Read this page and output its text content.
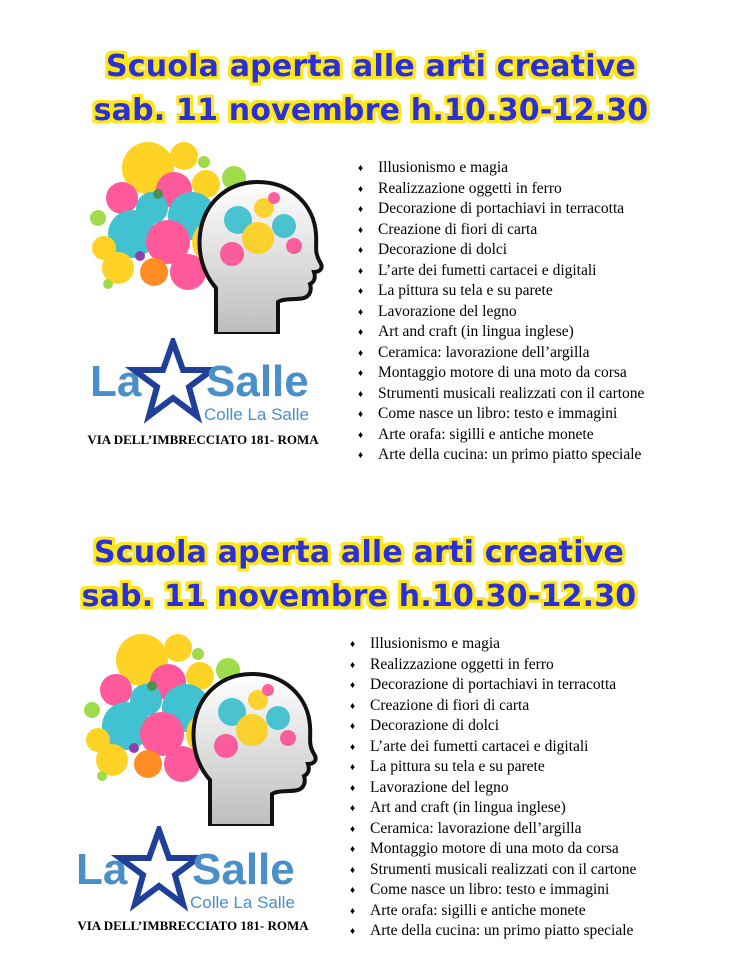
Scuola aperta alle arti creative
sab. 11 novembre h.10.30-12.30
La Salle
Colle La Salle
VIA DELL’IMBRECCIATO 181- ROMA
♦ Illusionismo e magia
♦ Realizzazione oggetti in ferro
♦ Decorazione di portachiavi in terracotta
♦ Creazione di fiori di carta
♦ Decorazione di dolci
♦ L’arte dei fumetti cartacei e digitali
♦ La pittura su tela e su parete
♦ Lavorazione del legno
♦ Art and craft (in lingua inglese)
♦ Ceramica: lavorazione dell’argilla
♦ Montaggio motore di una moto da corsa
♦ Strumenti musicali realizzati con il cartone
♦ Come nasce un libro: testo e immagini
♦ Arte orafa: sigilli e antiche monete
♦ Arte della cucina: un primo piatto speciale
Scuola aperta alle arti creative
sab. 11 novembre h.10.30-12.30
La Salle
Colle La Salle
VIA DELL’IMBRECCIATO 181- ROMA
♦ Illusionismo e magia
♦ Realizzazione oggetti in ferro
♦ Decorazione di portachiavi in terracotta
♦ Creazione di fiori di carta
♦ Decorazione di dolci
♦ L’arte dei fumetti cartacei e digitali
♦ La pittura su tela e su parete
♦ Lavorazione del legno
♦ Art and craft (in lingua inglese)
♦ Ceramica: lavorazione dell’argilla
♦ Montaggio motore di una moto da corsa
♦ Strumenti musicali realizzati con il cartone
♦ Come nasce un libro: testo e immagini
♦ Arte orafa: sigilli e antiche monete
♦ Arte della cucina: un primo piatto speciale
